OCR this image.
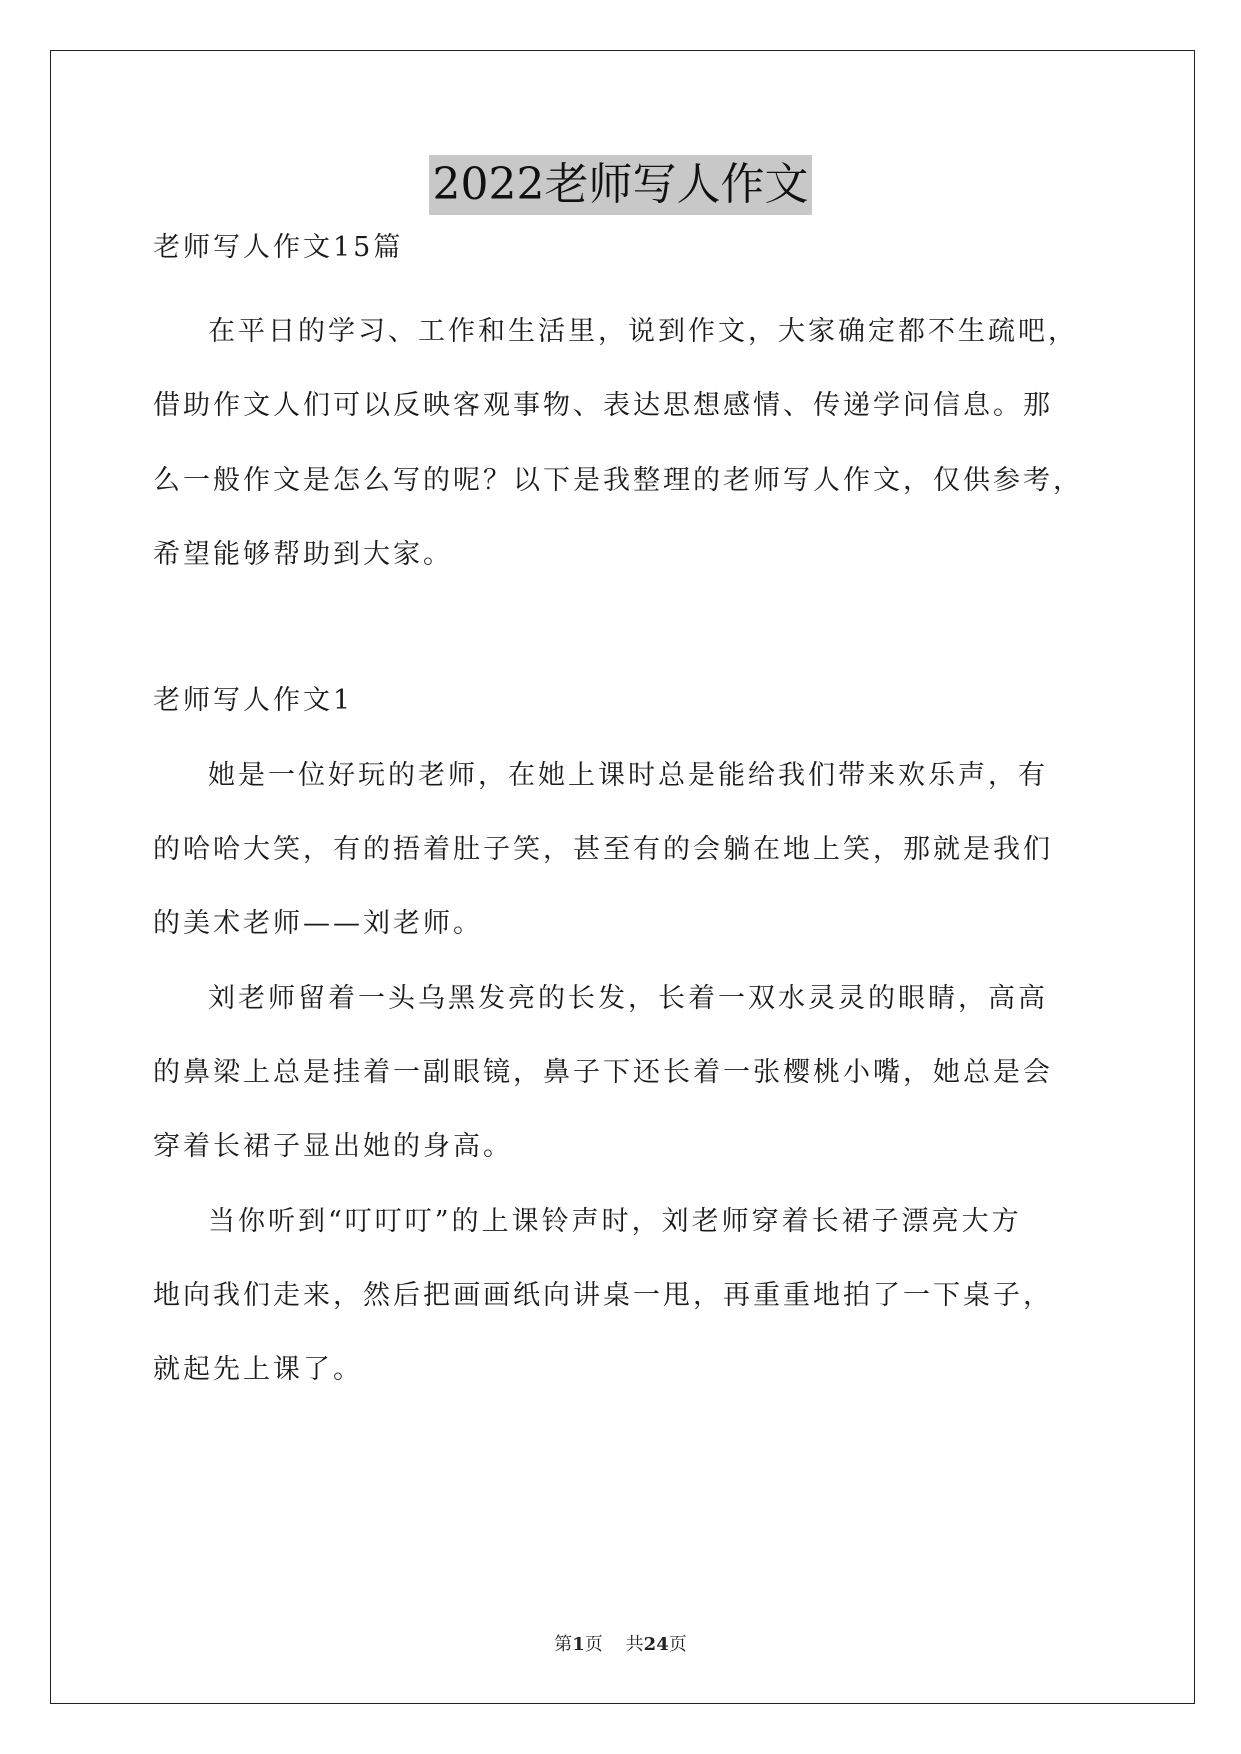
2022老师写人作文
老师写人作文15篇
在平日的学习、工作和生活里，说到作文，大家确定都不生疏吧，
借助作文人们可以反映客观事物、表达思想感情、传递学问信息。那
么一般作文是怎么写的呢？以下是我整理的老师写人作文，仅供参考，
希望能够帮助到大家。
老师写人作文1
她是一位好玩的老师，在她上课时总是能给我们带来欢乐声，有
的哈哈大笑，有的捂着肚子笑，甚至有的会躺在地上笑，那就是我们
的美术老师——刘老师。
刘老师留着一头乌黑发亮的长发，长着一双水灵灵的眼睛，高高
的鼻梁上总是挂着一副眼镜，鼻子下还长着一张樱桃小嘴，她总是会
穿着长裙子显出她的身高。
当你听到“叮叮叮”的上课铃声时，刘老师穿着长裙子漂亮大方
地向我们走来，然后把画画纸向讲桌一甩，再重重地拍了一下桌子，
就起先上课了。
第1页 共24页
